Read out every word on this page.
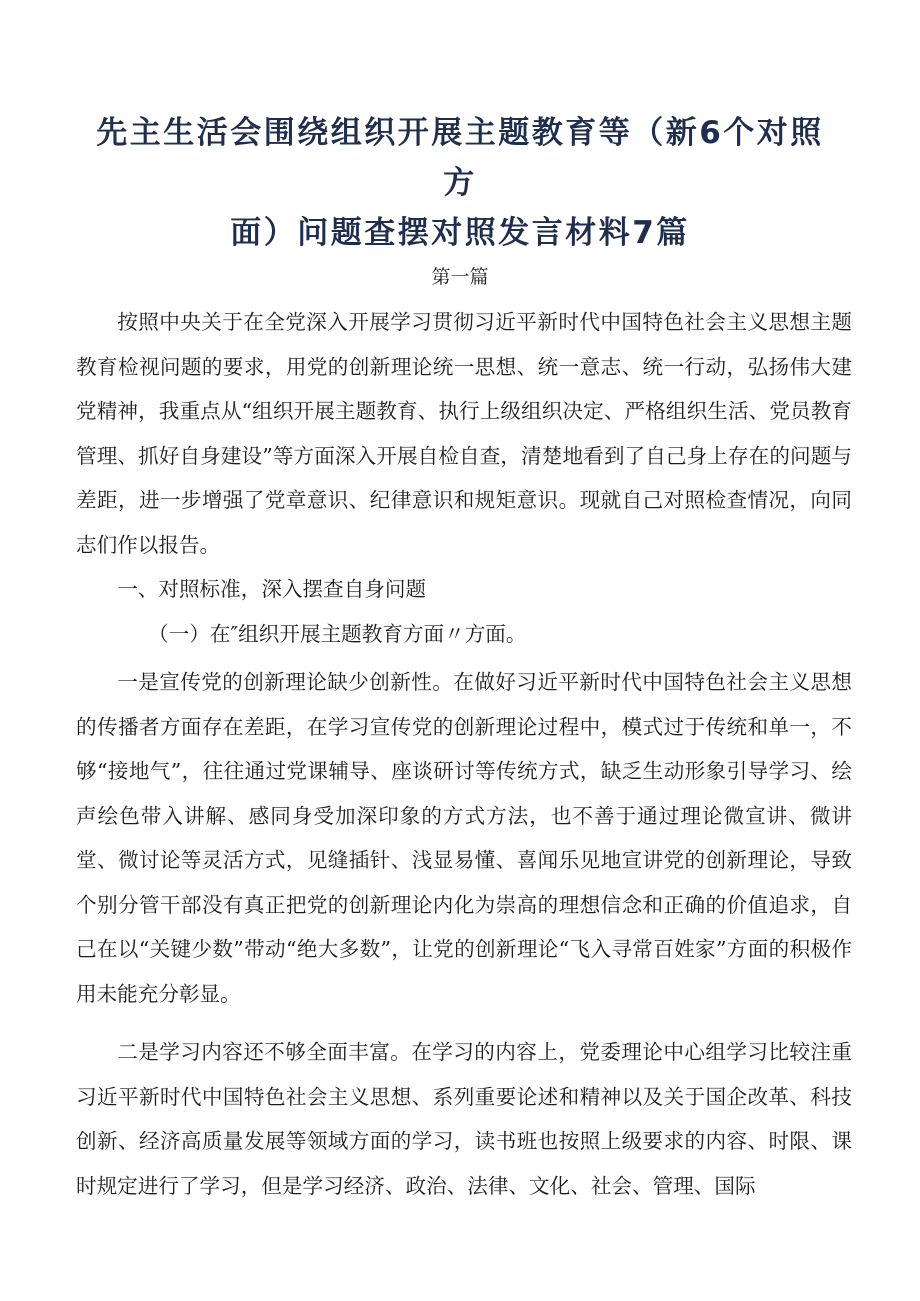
先主生活会围绕组织开展主题教育等（新6个对照方
面）问题查摆对照发言材料7篇

第一篇

按照中央关于在全党深入开展学习贯彻习近平新时代中国特色社会主义思想主题教育检视问题的要求，用党的创新理论统一思想、统一意志、统一行动，弘扬伟大建党精神，我重点从“组织开展主题教育、执行上级组织决定、严格组织生活、党员教育管理、抓好自身建设”等方面深入开展自检自查，清楚地看到了自己身上存在的问题与差距，进一步增强了党章意识、纪律意识和规矩意识。现就自己对照检查情况，向同志们作以报告。

一、对照标准，深入摆查自身问题

（一）在″组织开展主题教育方面〃方面。

一是宣传党的创新理论缺少创新性。在做好习近平新时代中国特色社会主义思想的传播者方面存在差距，在学习宣传党的创新理论过程中，模式过于传统和单一，不够“接地气”，往往通过党课辅导、座谈研讨等传统方式，缺乏生动形象引导学习、绘声绘色带入讲解、感同身受加深印象的方式方法，也不善于通过理论微宣讲、微讲堂、微讨论等灵活方式，见缝插针、浅显易懂、喜闻乐见地宣讲党的创新理论，导致个别分管干部没有真正把党的创新理论内化为崇高的理想信念和正确的价值追求，自己在以“关键少数”带动“绝大多数”，让党的创新理论“飞入寻常百姓家”方面的积极作用未能充分彰显。

二是学习内容还不够全面丰富。在学习的内容上，党委理论中心组学习比较注重习近平新时代中国特色社会主义思想、系列重要论述和精神以及关于国企改革、科技创新、经济高质量发展等领域方面的学习，读书班也按照上级要求的内容、时限、课时规定进行了学习，但是学习经济、政治、法律、文化、社会、管理、国际
